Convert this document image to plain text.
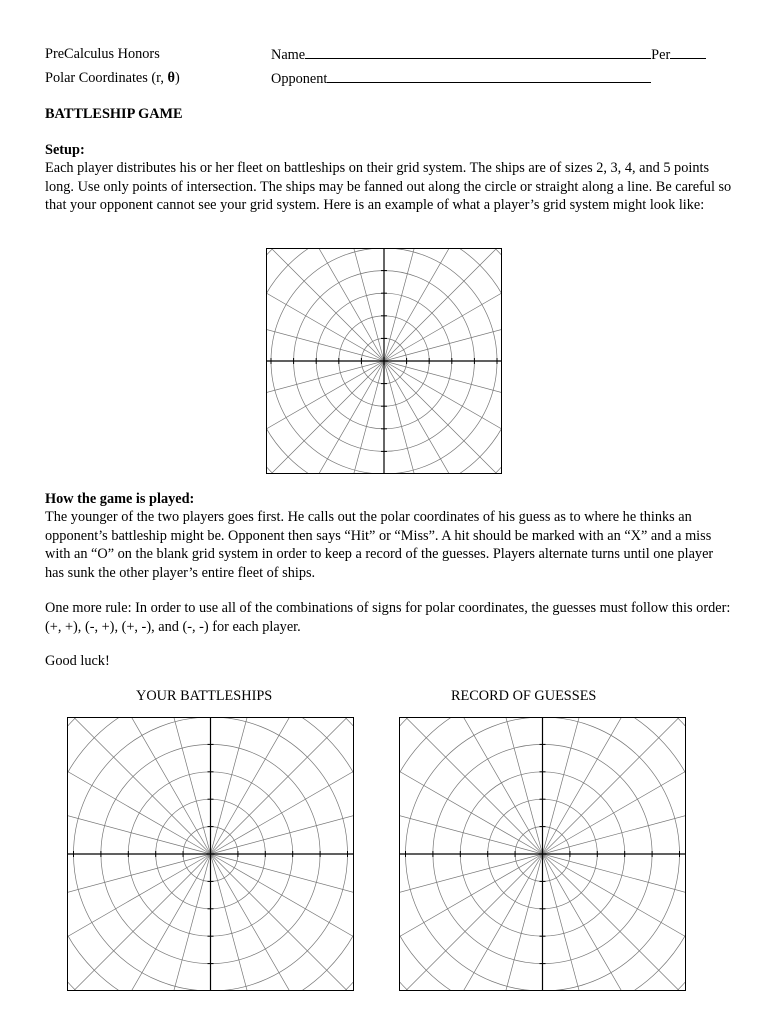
PreCalculus Honors
Polar Coordinates (r, θ)
Name	Per
Opponent
BATTLESHIP GAME
Setup:

Each player distributes his or her fleet on battleships on their grid system. The ships are of sizes 2, 3, 4, and 5 points long. Use only points of intersection. The ships may be fanned out along the circle or straight along a line. Be careful so that your opponent cannot see your grid system. Here is an example of what a player’s grid system might look like:

How the game is played:

The younger of the two players goes first. He calls out the polar coordinates of his guess as to where he thinks an opponent’s battleship might be. Opponent then says “Hit” or “Miss”. A hit should be marked with an “X” and a miss with an “O” on the blank grid system in order to keep a record of the guesses. Players alternate turns until one player has sunk the other player’s entire fleet of ships.

One more rule: In order to use all of the combinations of signs for polar coordinates, the guesses must follow this order: (+, +), (-, +), (+, -), and (-, -) for each player.

Good luck!
YOUR BATTLESHIPS	RECORD OF GUESSES
